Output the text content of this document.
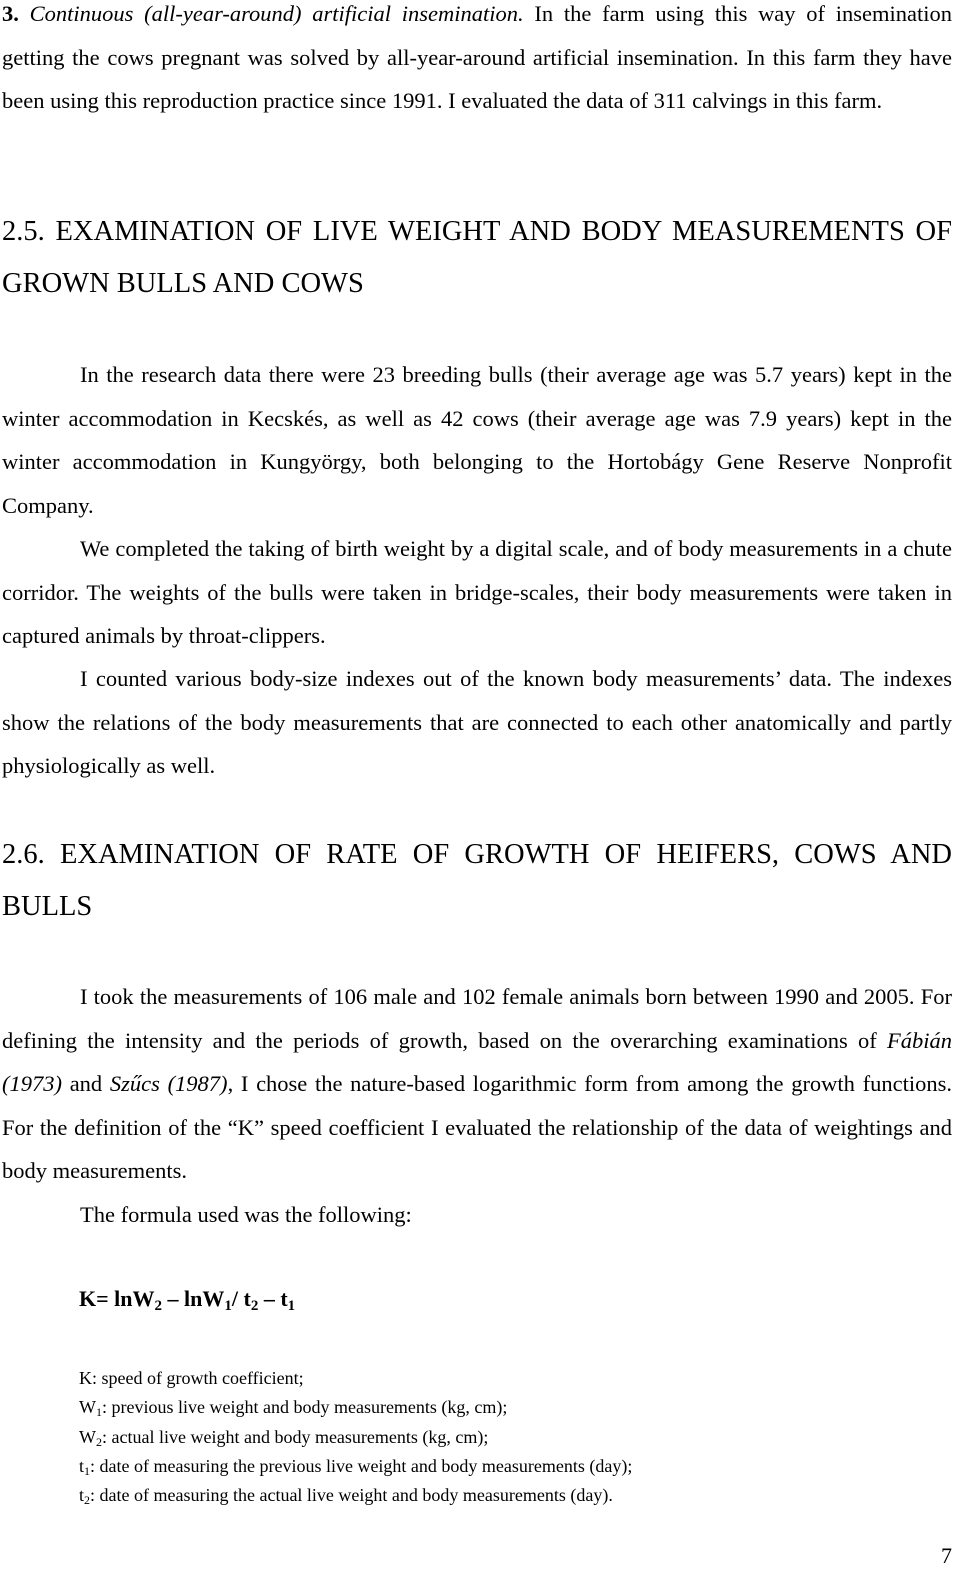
3. Continuous (all-year-around) artificial insemination. In the farm using this way of insemination getting the cows pregnant was solved by all-year-around artificial insemination. In this farm they have been using this reproduction practice since 1991. I evaluated the data of 311 calvings in this farm.

2.5. EXAMINATION OF LIVE WEIGHT AND BODY MEASUREMENTS OF GROWN BULLS AND COWS

In the research data there were 23 breeding bulls (their average age was 5.7 years) kept in the winter accommodation in Kecskés, as well as 42 cows (their average age was 7.9 years) kept in the winter accommodation in Kungyörgy, both belonging to the Hortobágy Gene Reserve Nonprofit Company.

We completed the taking of birth weight by a digital scale, and of body measurements in a chute corridor. The weights of the bulls were taken in bridge-scales, their body measurements were taken in captured animals by throat-clippers.

I counted various body-size indexes out of the known body measurements’ data. The indexes show the relations of the body measurements that are connected to each other anatomically and partly physiologically as well.

2.6. EXAMINATION OF RATE OF GROWTH OF HEIFERS, COWS AND BULLS

I took the measurements of 106 male and 102 female animals born between 1990 and 2005. For defining the intensity and the periods of growth, based on the overarching examinations of Fábián (1973) and Szűcs (1987), I chose the nature-based logarithmic form from among the growth functions. For the definition of the “K” speed coefficient I evaluated the relationship of the data of weightings and body measurements.

The formula used was the following:

K= lnW$_2$ – lnW$_1$/ $t_2 - t_1$
K: speed of growth coefficient;
$W_1$: previous live weight and body measurements (kg, cm);
$W_2$: actual live weight and body measurements (kg, cm);
$t_1$: date of measuring the previous live weight and body measurements (day);
$t_2$: date of measuring the actual live weight and body measurements (day).
7
